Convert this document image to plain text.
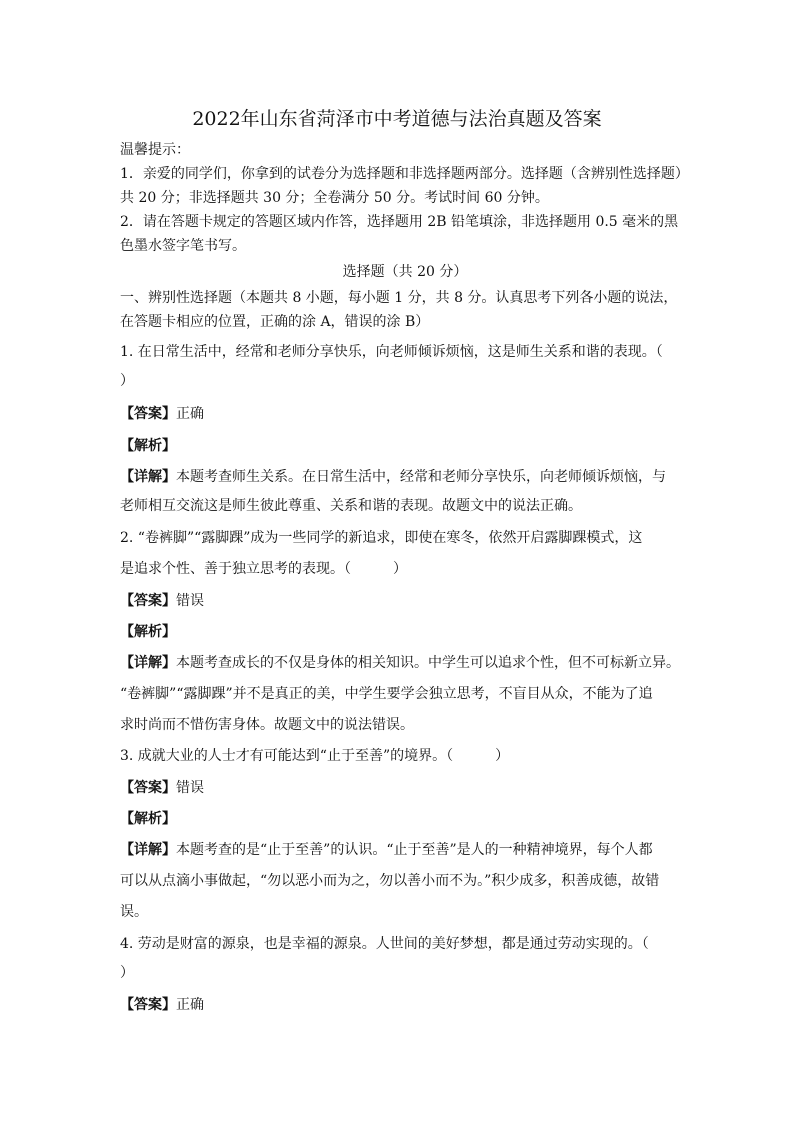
2022年山东省菏泽市中考道德与法治真题及答案
温馨提示：
1．亲爱的同学们，你拿到的试卷分为选择题和非选择题两部分。选择题（含辨别性选择题）
共 20 分；非选择题共 30 分；全卷满分 50 分。考试时间 60 分钟。
2．请在答题卡规定的答题区域内作答，选择题用 2B 铅笔填涂，非选择题用 0.5 毫米的黑
色墨水签字笔书写。
选择题（共 20 分）
一、辨别性选择题（本题共 8 小题，每小题 1 分，共 8 分。认真思考下列各小题的说法，
在答题卡相应的位置，正确的涂 A，错误的涂 B）
1. 在日常生活中，经常和老师分享快乐，向老师倾诉烦恼，这是师生关系和谐的表现。（
）
【答案】正确
【解析】
【详解】本题考查师生关系。在日常生活中，经常和老师分享快乐，向老师倾诉烦恼，与
老师相互交流这是师生彼此尊重、关系和谐的表现。故题文中的说法正确。
2. “卷裤脚”“露脚踝”成为一些同学的新追求，即使在寒冬，依然开启露脚踝模式，这
是追求个性、善于独立思考的表现。（　　　）
【答案】错误
【解析】
【详解】本题考查成长的不仅是身体的相关知识。中学生可以追求个性，但不可标新立异。
“卷裤脚”“露脚踝”并不是真正的美，中学生要学会独立思考，不盲目从众，不能为了追
求时尚而不惜伤害身体。故题文中的说法错误。
3. 成就大业的人士才有可能达到“止于至善”的境界。（　　　）
【答案】错误
【解析】
【详解】本题考查的是“止于至善”的认识。“止于至善”是人的一种精神境界，每个人都
可以从点滴小事做起，“勿以恶小而为之，勿以善小而不为。”积少成多，积善成德，故错
误。
4. 劳动是财富的源泉，也是幸福的源泉。人世间的美好梦想，都是通过劳动实现的。（
）
【答案】正确
